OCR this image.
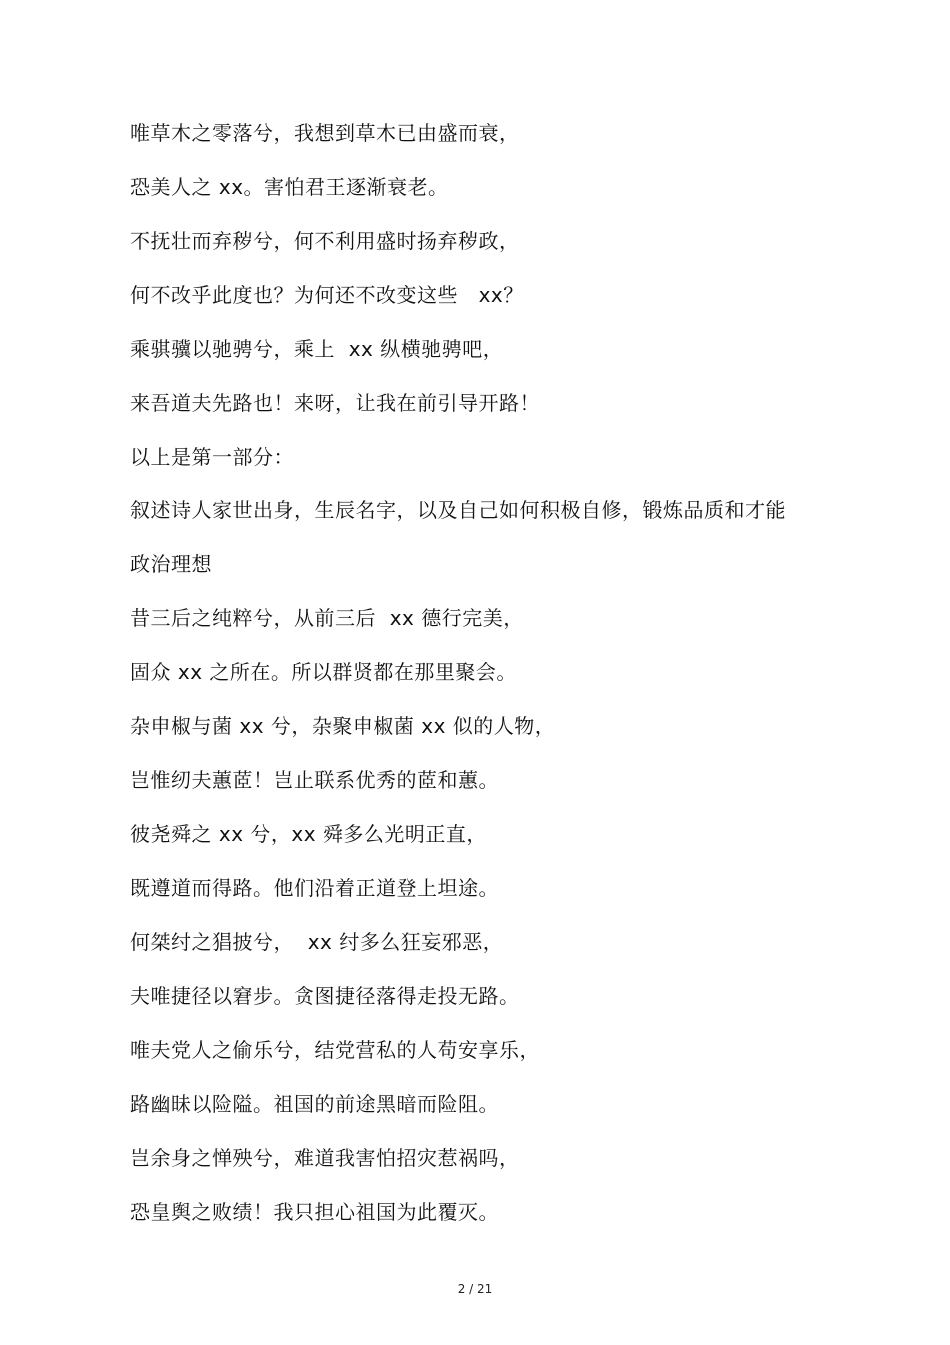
唯草木之零落兮，我想到草木已由盛而衰，
恐美人之 xx。害怕君王逐渐衰老。
不抚壮而弃秽兮，何不利用盛时扬弃秽政，
何不改乎此度也？为何还不改变这些   xx？
乘骐骥以驰骋兮，乘上  xx 纵横驰骋吧，
来吾道夫先路也！来呀，让我在前引导开路！
以上是第一部分：
叙述诗人家世出身，生辰名字，以及自己如何积极自修，锻炼品质和才能
政治理想
昔三后之纯粹兮，从前三后  xx 德行完美，
固众 xx 之所在。所以群贤都在那里聚会。
杂申椒与菌 xx 兮，杂聚申椒菌 xx 似的人物，
岂惟纫夫蕙茝！岂止联系优秀的茝和蕙。
彼尧舜之 xx 兮，xx 舜多么光明正直，
既遵道而得路。他们沿着正道登上坦途。
何桀纣之猖披兮，  xx 纣多么狂妄邪恶，
夫唯捷径以窘步。贪图捷径落得走投无路。
唯夫党人之偷乐兮，结党营私的人苟安享乐，
路幽昧以险隘。祖国的前途黑暗而险阻。
岂余身之惮殃兮，难道我害怕招灾惹祸吗，
恐皇舆之败绩！我只担心祖国为此覆灭。
2 / 21
